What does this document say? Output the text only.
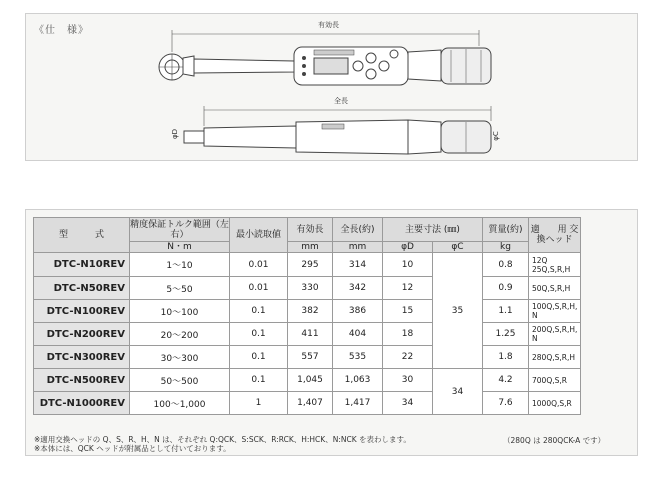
《仕　様》	有効長
全長
φD	φC
型　　　式	精度保証トルク範囲（左右）	最小読取値	有効長	全長(約)	主要寸法 (㎜)		質量(約)	適　　用 交換ヘッド
	N・m		mm	mm	φD	φC	kg	
DTC-N10REV	1～10	0.01	295	314	10	35	0.8	12Q 25Q,S,R,H
DTC-N50REV	5～50	0.01	330	342	12		0.9	50Q,S,R,H
DTC-N100REV	10～100	0.1	382	386	15		1.1	100Q,S,R,H, N
DTC-N200REV	20～200	0.1	411	404	18		1.25	200Q,S,R,H, N
DTC-N300REV	30～300	0.1	557	535	22		1.8	280Q,S,R,H
DTC-N500REV	50～500	0.1	1,045	1,063	30	34	4.2	700Q,S,R
DTC-N1000REV	100～1,000	1	1,407	1,417	34		7.6	1000Q,S,R
※適用交換ヘッドの Q、S、R、H、N は、それぞれ Q:QCK、S:SCK、R:RCK、H:HCK、N:NCK を表わします。
※本体には、QCK ヘッドが附属品として付いております。
（280Q は 280QCK-A です）
